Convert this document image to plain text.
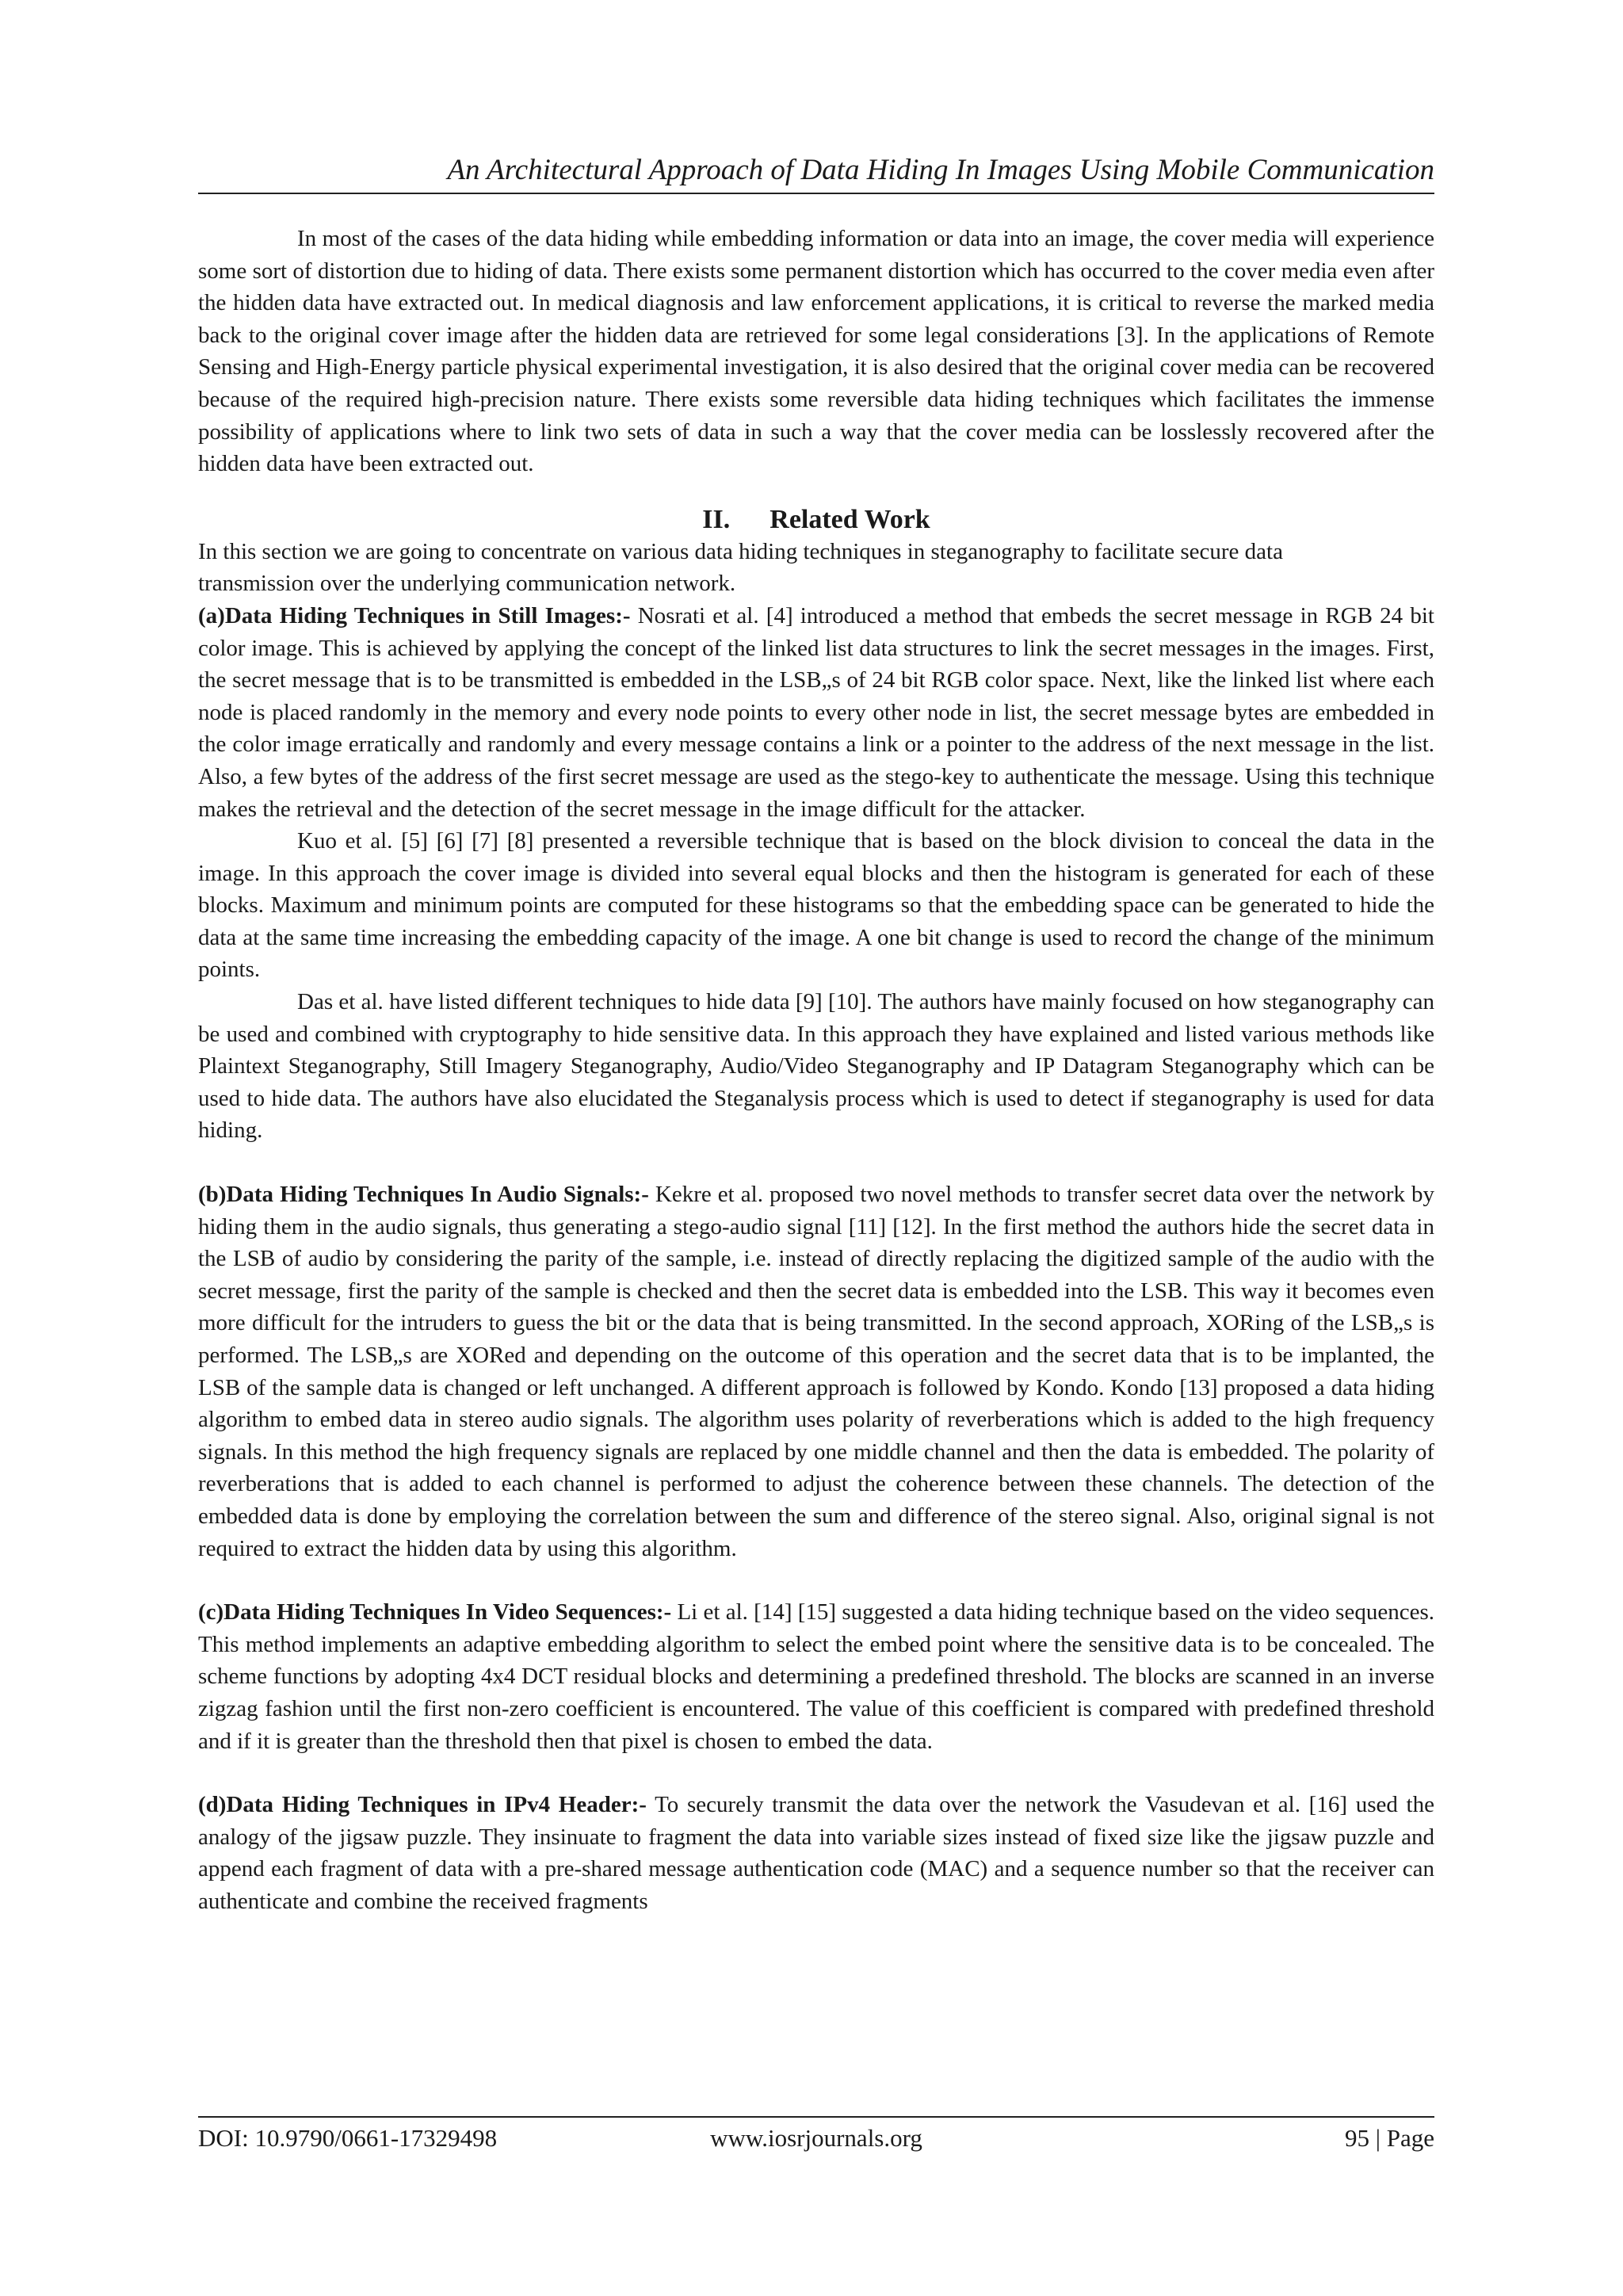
An Architectural Approach of Data Hiding In Images Using Mobile Communication

In most of the cases of the data hiding while embedding information or data into an image, the cover media will experience some sort of distortion due to hiding of data. There exists some permanent distortion which has occurred to the cover media even after the hidden data have extracted out. In medical diagnosis and law enforcement applications, it is critical to reverse the marked media back to the original cover image after the hidden data are retrieved for some legal considerations [3]. In the applications of Remote Sensing and High-Energy particle physical experimental investigation, it is also desired that the original cover media can be recovered because of the required high-precision nature. There exists some reversible data hiding techniques which facilitates the immense possibility of applications where to link two sets of data in such a way that the cover media can be losslessly recovered after the hidden data have been extracted out.

II. Related Work

In this section we are going to concentrate on various data hiding techniques in steganography to facilitate secure data transmission over the underlying communication network.

(a)Data Hiding Techniques in Still Images:- Nosrati et al. [4] introduced a method that embeds the secret message in RGB 24 bit color image. This is achieved by applying the concept of the linked list data structures to link the secret messages in the images. First, the secret message that is to be transmitted is embedded in the LSB„s of 24 bit RGB color space. Next, like the linked list where each node is placed randomly in the memory and every node points to every other node in list, the secret message bytes are embedded in the color image erratically and randomly and every message contains a link or a pointer to the address of the next message in the list. Also, a few bytes of the address of the first secret message are used as the stego-key to authenticate the message. Using this technique makes the retrieval and the detection of the secret message in the image difficult for the attacker.

Kuo et al. [5] [6] [7] [8] presented a reversible technique that is based on the block division to conceal the data in the image. In this approach the cover image is divided into several equal blocks and then the histogram is generated for each of these blocks. Maximum and minimum points are computed for these histograms so that the embedding space can be generated to hide the data at the same time increasing the embedding capacity of the image. A one bit change is used to record the change of the minimum points.

Das et al. have listed different techniques to hide data [9] [10]. The authors have mainly focused on how steganography can be used and combined with cryptography to hide sensitive data. In this approach they have explained and listed various methods like Plaintext Steganography, Still Imagery Steganography, Audio/Video Steganography and IP Datagram Steganography which can be used to hide data. The authors have also elucidated the Steganalysis process which is used to detect if steganography is used for data hiding.

(b)Data Hiding Techniques In Audio Signals:- Kekre et al. proposed two novel methods to transfer secret data over the network by hiding them in the audio signals, thus generating a stego-audio signal [11] [12]. In the first method the authors hide the secret data in the LSB of audio by considering the parity of the sample, i.e. instead of directly replacing the digitized sample of the audio with the secret message, first the parity of the sample is checked and then the secret data is embedded into the LSB. This way it becomes even more difficult for the intruders to guess the bit or the data that is being transmitted. In the second approach, XORing of the LSB„s is performed. The LSB„s are XORed and depending on the outcome of this operation and the secret data that is to be implanted, the LSB of the sample data is changed or left unchanged. A different approach is followed by Kondo. Kondo [13] proposed a data hiding algorithm to embed data in stereo audio signals. The algorithm uses polarity of reverberations which is added to the high frequency signals. In this method the high frequency signals are replaced by one middle channel and then the data is embedded. The polarity of reverberations that is added to each channel is performed to adjust the coherence between these channels. The detection of the embedded data is done by employing the correlation between the sum and difference of the stereo signal. Also, original signal is not required to extract the hidden data by using this algorithm.

(c)Data Hiding Techniques In Video Sequences:- Li et al. [14] [15] suggested a data hiding technique based on the video sequences. This method implements an adaptive embedding algorithm to select the embed point where the sensitive data is to be concealed. The scheme functions by adopting 4x4 DCT residual blocks and determining a predefined threshold. The blocks are scanned in an inverse zigzag fashion until the first non-zero coefficient is encountered. The value of this coefficient is compared with predefined threshold and if it is greater than the threshold then that pixel is chosen to embed the data.

(d)Data Hiding Techniques in IPv4 Header:- To securely transmit the data over the network the Vasudevan et al. [16] used the analogy of the jigsaw puzzle. They insinuate to fragment the data into variable sizes instead of fixed size like the jigsaw puzzle and append each fragment of data with a pre-shared message authentication code (MAC) and a sequence number so that the receiver can authenticate and combine the received fragments

DOI: 10.9790/0661-17329498	www.iosrjournals.org	95 | Page
